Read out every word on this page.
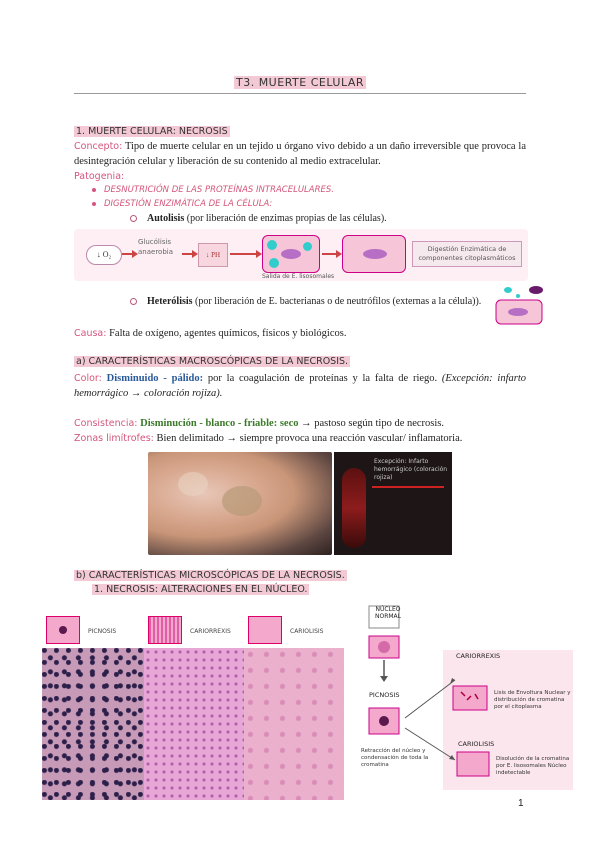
T3. MUERTE CELULAR
1. MUERTE CELULAR: NECROSIS
Concepto: Tipo de muerte celular en un tejido u órgano vivo debido a un daño irreversible que provoca la desintegración celular y liberación de su contenido al medio extracelular.
Patogenia:
DESNUTRICIÓN DE LAS PROTEÍNAS INTRACELULARES.
DIGESTIÓN ENZIMÁTICA DE LA CÉLULA:
Autolisis (por liberación de enzimas propias de las células).
↓ O₂
Glucólisis anaerobia	↓ PH
Salida de E. lisosomales
Digestión Enzimática de componentes citoplasmáticos
Heterólisis (por liberación de E. bacterianas o de neutrófilos (externas a la célula)).
Causa: Falta de oxígeno, agentes químicos, físicos y biológicos.
a) CARACTERÍSTICAS MACROSCÓPICAS DE LA NECROSIS.
Color: Disminuido - pálido: por la coagulación de proteínas y la falta de riego. (Excepción: infarto hemorrágico → coloración rojiza).
Consistencia: Disminución - blanco - friable: seco → pastoso según tipo de necrosis.
Zonas limítrofes: Bien delimitado → siempre provoca una reacción vascular/ inflamatoria.
Excepción: Infarto hemorrágico (coloración rojiza)
b) CARACTERÍSTICAS MICROSCÓPICAS DE LA NECROSIS.
1. NECROSIS: ALTERACIONES EN EL NÚCLEO.
PICNOSIS	CARIORREXIS	CARIOLISIS
NÚCLEO NORMAL
PICNOSIS
Retracción del núcleo y condensación de toda la cromatina
CARIORREXIS
Lisis de Envoltura Nuclear y distribución de cromatina por el citoplasma
CARIOLISIS
Disolución de la cromatina por E. lisosomales Núcleo indetectable
1
